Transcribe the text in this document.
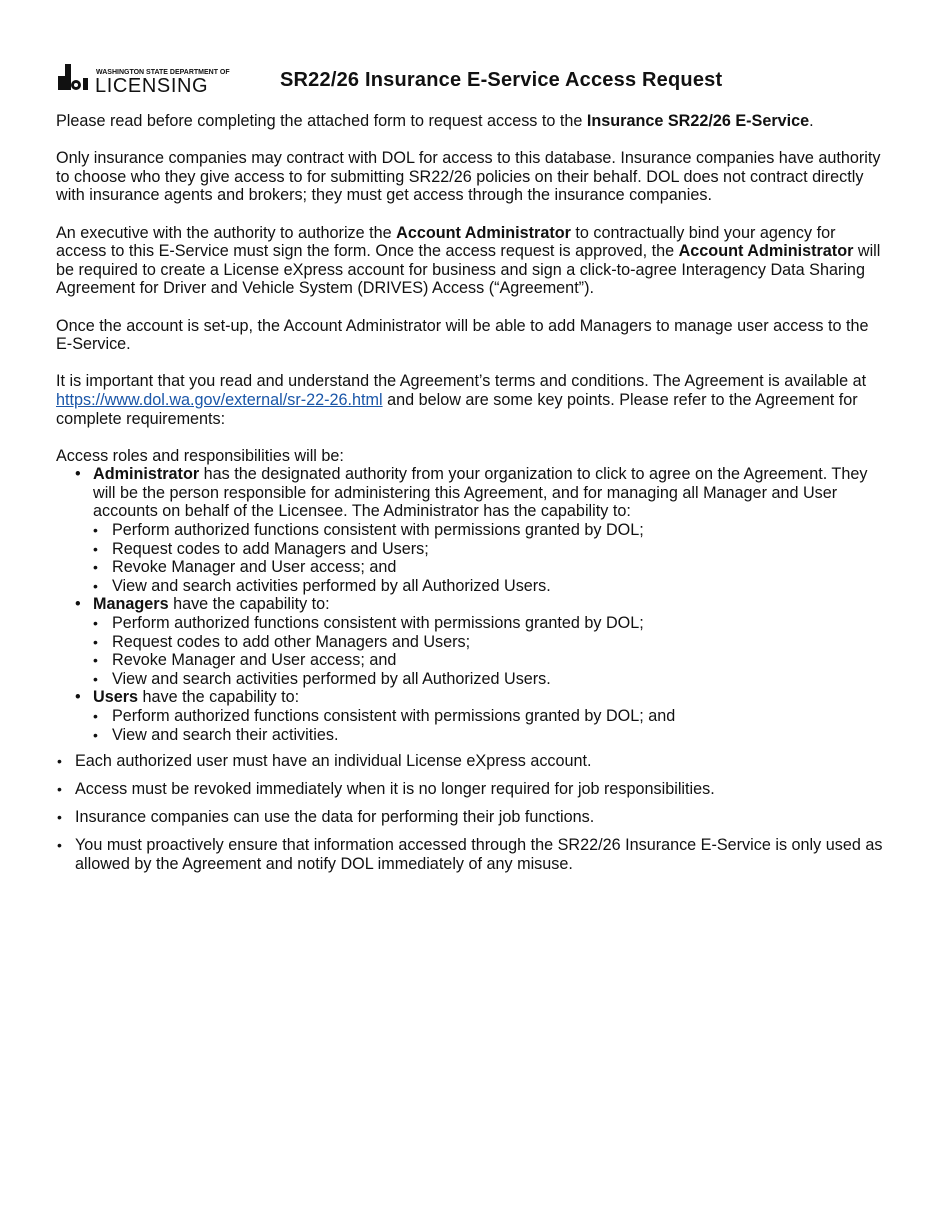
WASHINGTON STATE DEPARTMENT OF
LICENSING	SR22/26 Insurance E-Service Access Request

Please read before completing the attached form to request access to the Insurance SR22/26 E-Service.

Only insurance companies may contract with DOL for access to this database. Insurance companies have authority to choose who they give access to for submitting SR22/26 policies on their behalf. DOL does not contract directly with insurance agents and brokers; they must get access through the insurance companies.

An executive with the authority to authorize the Account Administrator to contractually bind your agency for access to this E-Service must sign the form. Once the access request is approved, the Account Administrator will be required to create a License eXpress account for business and sign a click-to-agree Interagency Data Sharing Agreement for Driver and Vehicle System (DRIVES) Access (“Agreement”).

Once the account is set-up, the Account Administrator will be able to add Managers to manage user access to the E-Service.

It is important that you read and understand the Agreement’s terms and conditions. The Agreement is available at https://www.dol.wa.gov/external/sr-22-26.html and below are some key points. Please refer to the Agreement for complete requirements:

Access roles and responsibilities will be:
• Administrator has the designated authority from your organization to click to agree on the Agreement. They will be the person responsible for administering this Agreement, and for managing all Manager and User accounts on behalf of the Licensee. The Administrator has the capability to:
• Perform authorized functions consistent with permissions granted by DOL;
• Request codes to add Managers and Users;
• Revoke Manager and User access; and
• View and search activities performed by all Authorized Users.
• Managers have the capability to:
• Perform authorized functions consistent with permissions granted by DOL;
• Request codes to add other Managers and Users;
• Revoke Manager and User access; and
• View and search activities performed by all Authorized Users.
• Users have the capability to:
• Perform authorized functions consistent with permissions granted by DOL; and
• View and search their activities.
• Each authorized user must have an individual License eXpress account.
• Access must be revoked immediately when it is no longer required for job responsibilities.
• Insurance companies can use the data for performing their job functions.
• You must proactively ensure that information accessed through the SR22/26 Insurance E-Service is only used as allowed by the Agreement and notify DOL immediately of any misuse.
